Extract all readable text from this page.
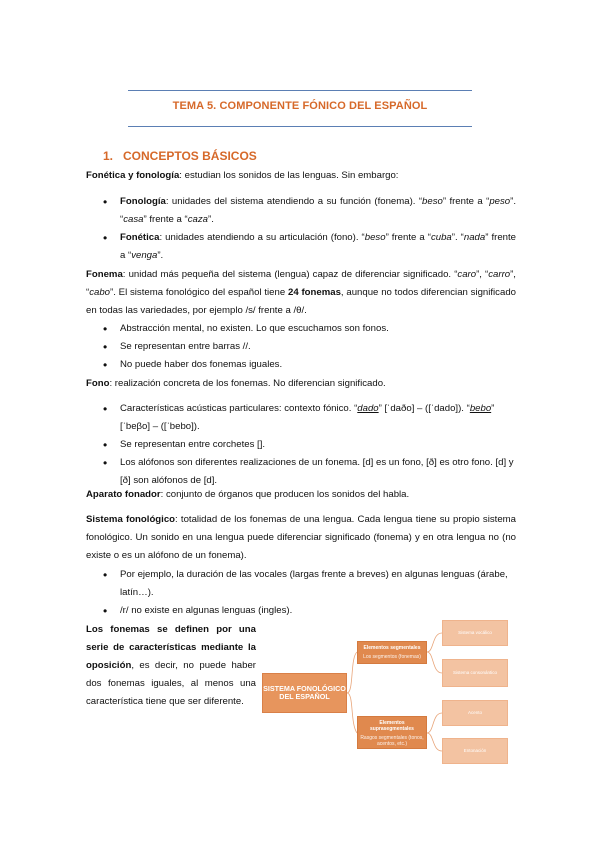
TEMA 5. COMPONENTE FÓNICO DEL ESPAÑOL
1. CONCEPTOS BÁSICOS
Fonética y fonología: estudian los sonidos de las lenguas. Sin embargo:
• Fonología: unidades del sistema atendiendo a su función (fonema). “beso” frente a “peso”. “casa” frente a “caza”.
• Fonética: unidades atendiendo a su articulación (fono). “beso” frente a “cuba”. “nada” frente a “venga”.
Fonema: unidad más pequeña del sistema (lengua) capaz de diferenciar significado. “caro”, “carro”, “cabo”. El sistema fonológico del español tiene 24 fonemas, aunque no todos diferencian significado en todas las variedades, por ejemplo /s/ frente a /θ/.
• Abstracción mental, no existen. Lo que escuchamos son fonos.
• Se representan entre barras //.
• No puede haber dos fonemas iguales.
Fono: realización concreta de los fonemas. No diferencian significado.
• Características acústicas particulares: contexto fónico. “dado” [ˈdaðo] – ([ˈdado]). “bebo” [ˈbeβo] – ([ˈbebo]).
• Se representan entre corchetes [].
• Los alófonos son diferentes realizaciones de un fonema. [d] es un fono, [ð] es otro fono. [d] y [ð] son alófonos de [d].
Aparato fonador: conjunto de órganos que producen los sonidos del habla.
Sistema fonológico: totalidad de los fonemas de una lengua. Cada lengua tiene su propio sistema fonológico. Un sonido en una lengua puede diferenciar significado (fonema) y en otra lengua no (no existe o es un alófono de un fonema).
• Por ejemplo, la duración de las vocales (largas frente a breves) en algunas lenguas (árabe, latín…).
• /r/ no existe en algunas lenguas (ingles).
Los fonemas se definen por una serie de características mediante la oposición, es decir, no puede haber dos fonemas iguales, al menos una característica tiene que ser diferente.
SISTEMA FONOLÓGICO DEL ESPAÑOL
Elementos segmentales
Los segmentos (fonemas)
Elementos suprasegmentales
Rasgos segmentales (tonos, acentos, etc.)
Sistema vocálico
Sistema consonántico
Acento
Entonación
